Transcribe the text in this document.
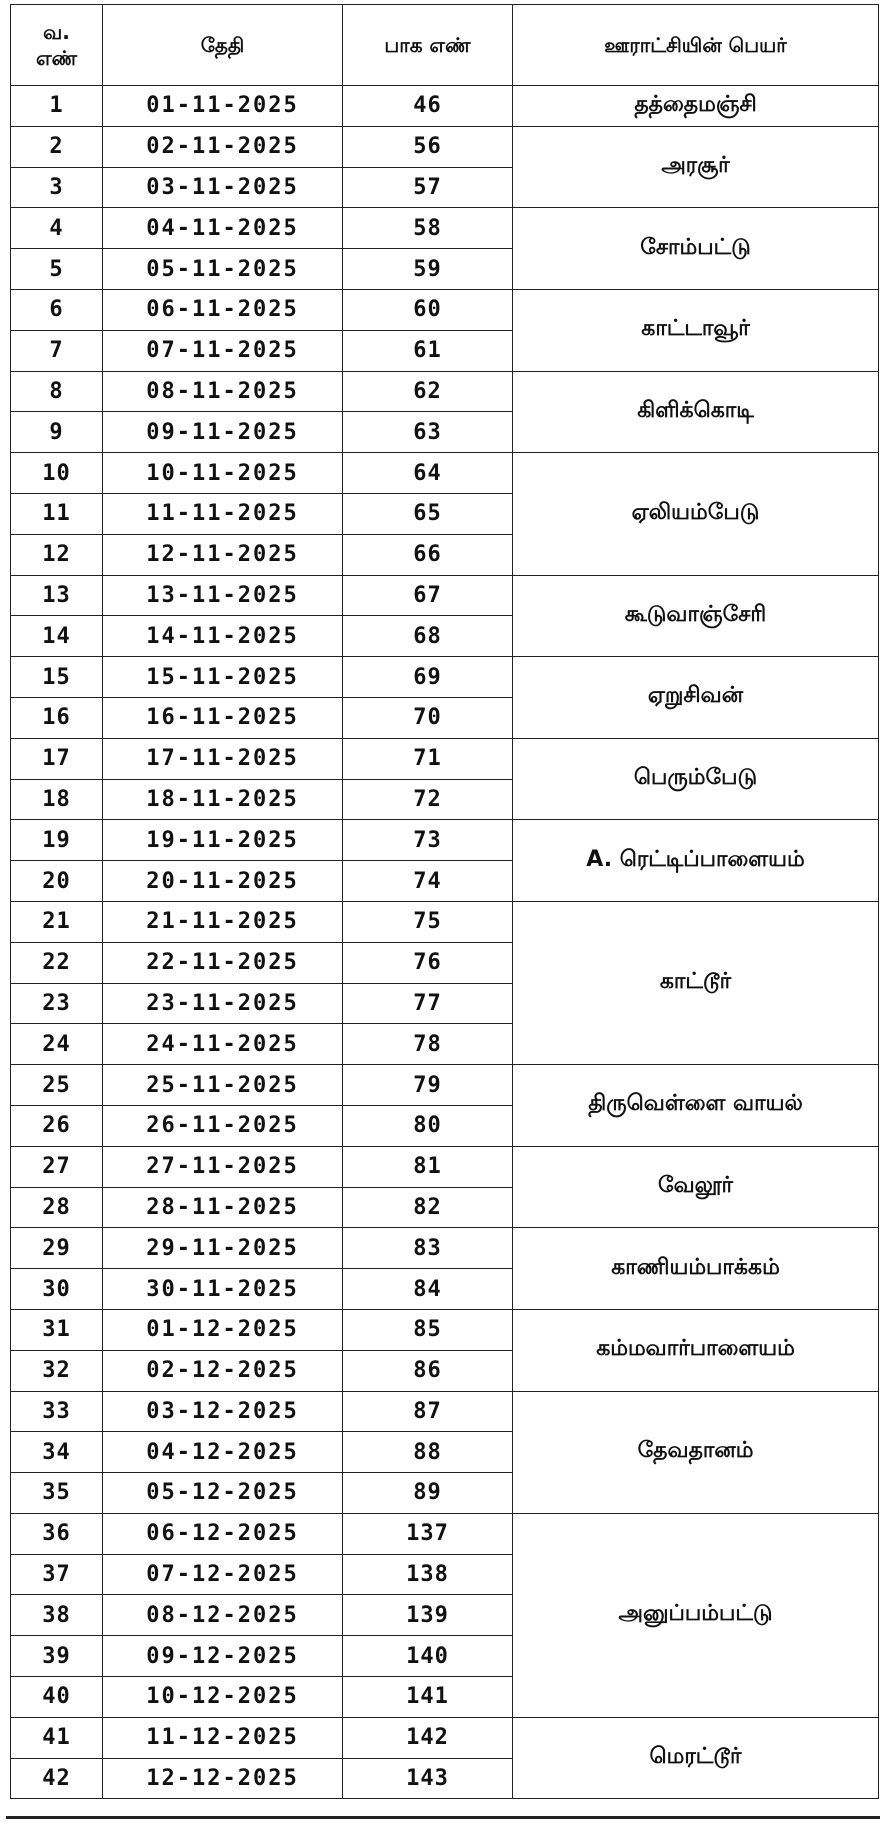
வ.
எண்	தேதி	பாக எண்	ஊராட்சியின் பெயர்
1	01-11-2025	46	தத்தைமஞ்சி
2	02-11-2025	56	அரசூர்
3	03-11-2025	57	
4	04-11-2025	58	சோம்பட்டு
5	05-11-2025	59	
6	06-11-2025	60	காட்டாவூர்
7	07-11-2025	61	
8	08-11-2025	62	கிளிக்கொடி
9	09-11-2025	63	
10	10-11-2025	64	ஏலியம்பேடு
11	11-11-2025	65	
12	12-11-2025	66	
13	13-11-2025	67	கூடுவாஞ்சேரி
14	14-11-2025	68	
15	15-11-2025	69	ஏறுசிவன்
16	16-11-2025	70	
17	17-11-2025	71	பெரும்பேடு
18	18-11-2025	72	
19	19-11-2025	73	A. ரெட்டிப்பாளையம்
20	20-11-2025	74	
21	21-11-2025	75	காட்டூர்
22	22-11-2025	76	
23	23-11-2025	77	
24	24-11-2025	78	
25	25-11-2025	79	திருவெள்ளை வாயல்
26	26-11-2025	80	
27	27-11-2025	81	வேலூர்
28	28-11-2025	82	
29	29-11-2025	83	காணியம்பாக்கம்
30	30-11-2025	84	
31	01-12-2025	85	கம்மவார்பாளையம்
32	02-12-2025	86	
33	03-12-2025	87	தேவதானம்
34	04-12-2025	88	
35	05-12-2025	89	
36	06-12-2025	137	அனுப்பம்பட்டு
37	07-12-2025	138	
38	08-12-2025	139	
39	09-12-2025	140	
40	10-12-2025	141	
41	11-12-2025	142	மெரட்டூர்
42	12-12-2025	143	
